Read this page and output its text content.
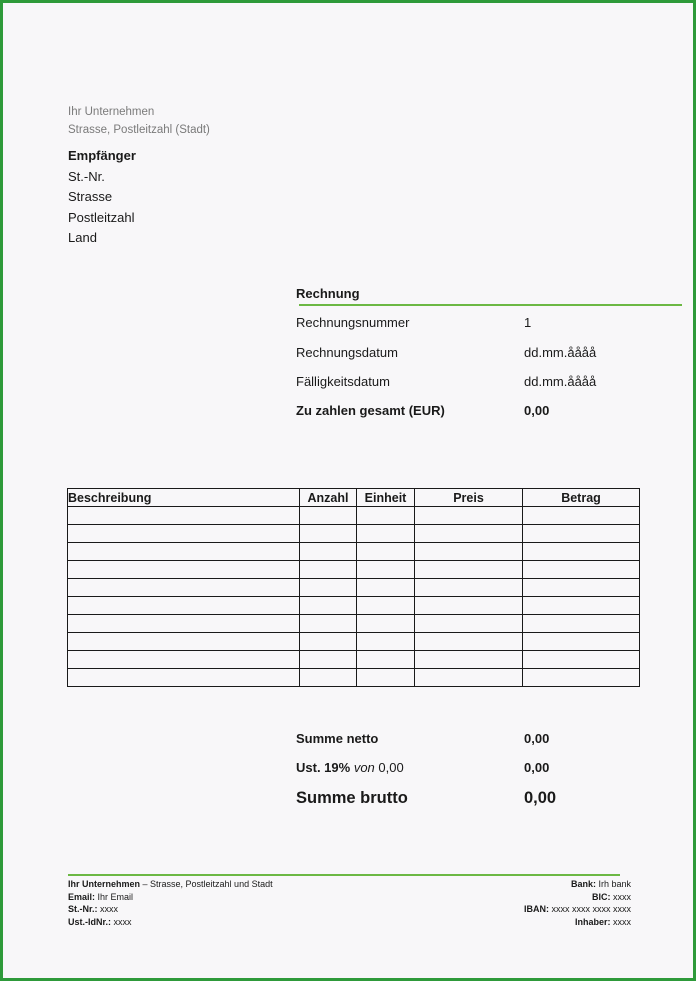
Ihr Unternehmen
Strasse, Postleitzahl (Stadt)
Empfänger
St.-Nr.
Strasse
Postleitzahl
Land
Rechnung
Rechnungsnummer	1
Rechnungsdatum	dd.mm.åååå
Fälligkeitsdatum	dd.mm.åååå
Zu zahlen gesamt (EUR)	0,00
Beschreibung	Anzahl	Einheit	Preis	Betrag

Summe netto	0,00
Ust. 19% von 0,00	0,00
Summe brutto	0,00
Ihr Unternehmen – Strasse, Postleitzahl und Stadt
Email: Ihr Email
St.-Nr.: xxxx
Ust.-IdNr.: xxxx
Bank: Irh bank
BIC: xxxx
IBAN: xxxx xxxx xxxx xxxx
Inhaber: xxxx
